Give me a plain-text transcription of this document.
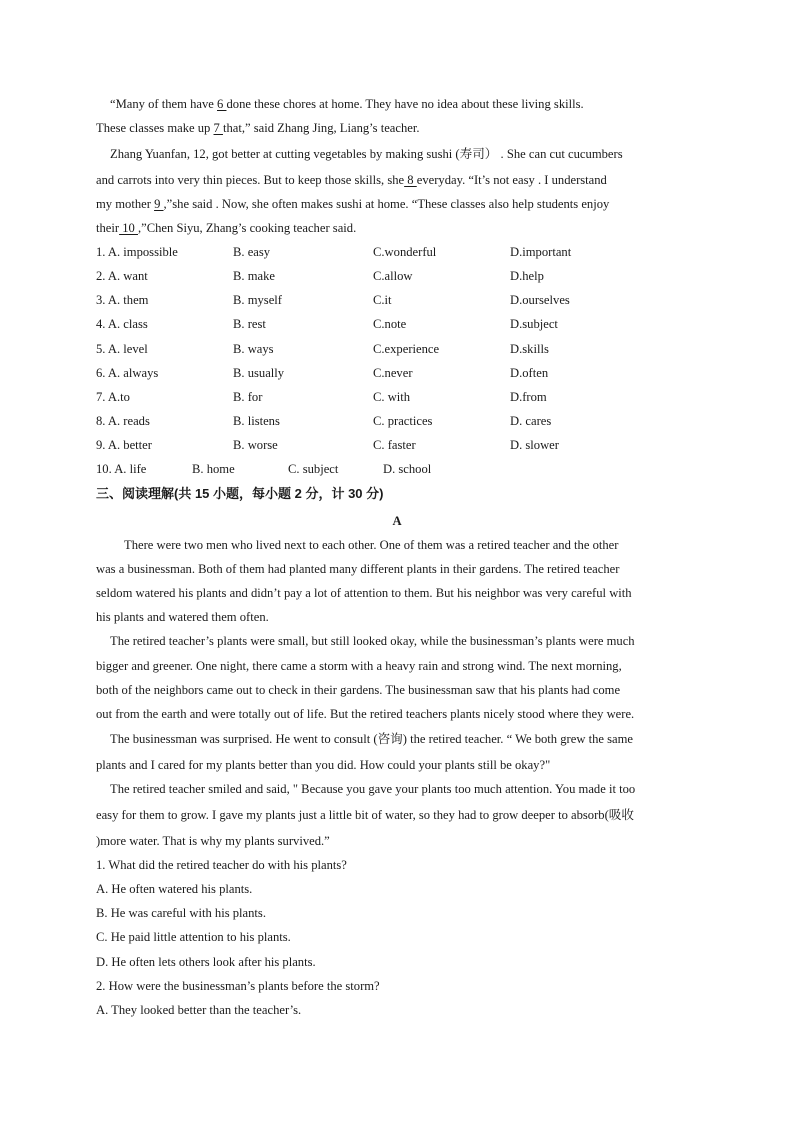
“Many of them have 6 done these chores at home. They have no idea about these living skills.
These classes make up 7 that,” said Zhang Jing, Liang’s teacher.
Zhang Yuanfan, 12, got better at cutting vegetables by making sushi (寿司） . She can cut cucumbers
and carrots into very thin pieces. But to keep those skills, she 8 everyday. “It’s not easy . I understand
my mother 9 ,”she said . Now, she often makes sushi at home. “These classes also help students enjoy
their 10 ,”Chen Siyu, Zhang’s cooking teacher said.
1. A. impossible	B. easy	C.wonderful	D.important
2. A. want	B. make	C.allow	D.help
3. A. them	B. myself	C.it	D.ourselves
4. A. class	B. rest	C.note	D.subject
5. A. level	B. ways	C.experience	D.skills
6. A. always	B. usually	C.never	D.often
7. A.to	B. for	C. with	D.from
8. A. reads	B. listens	C. practices	D. cares
9. A. better	B. worse	C. faster	D. slower
10. A. life	B. home	C. subject	D. school
三、阅读理解(共 15 小题，每小题 2 分，计 30 分)
A
There were two men who lived next to each other. One of them was a retired teacher and the other
was a businessman. Both of them had planted many different plants in their gardens. The retired teacher
seldom watered his plants and didn’t pay a lot of attention to them. But his neighbor was very careful with
his plants and watered them often.
The retired teacher’s plants were small, but still looked okay, while the businessman’s plants were much
bigger and greener. One night, there came a storm with a heavy rain and strong wind. The next morning,
both of the neighbors came out to check in their gardens. The businessman saw that his plants had come
out from the earth and were totally out of life. But the retired teachers plants nicely stood where they were.
The businessman was surprised. He went to consult (咨询) the retired teacher. “ We both grew the same
plants and I cared for my plants better than you did. How could your plants still be okay?"
The retired teacher smiled and said, " Because you gave your plants too much attention. You made it too
easy for them to grow. I gave my plants just a little bit of water, so they had to grow deeper to absorb(吸收
)more water. That is why my plants survived.”
1. What did the retired teacher do with his plants?
A. He often watered his plants.
B. He was careful with his plants.
C. He paid little attention to his plants.
D. He often lets others look after his plants.
2. How were the businessman’s plants before the storm?
A. They looked better than the teacher’s.
